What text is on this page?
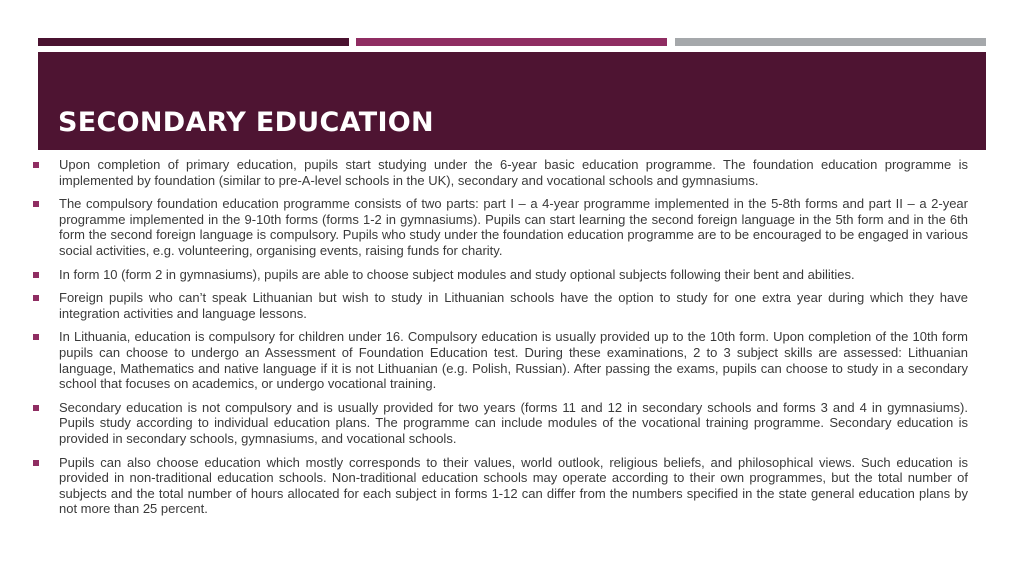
SECONDARY EDUCATION
Upon completion of primary education, pupils start studying under the 6-year basic education programme. The foundation education programme is implemented by foundation (similar to pre-A-level schools in the UK), secondary and vocational schools and gymnasiums.
The compulsory foundation education programme consists of two parts: part I – a 4-year programme implemented in the 5-8th forms and part II – a 2-year programme implemented in the 9-10th forms (forms 1-2 in gymnasiums). Pupils can start learning the second foreign language in the 5th form and in the 6th form the second foreign language is compulsory. Pupils who study under the foundation education programme are to be encouraged to be engaged in various social activities, e.g. volunteering, organising events, raising funds for charity.
In form 10 (form 2 in gymnasiums), pupils are able to choose subject modules and study optional subjects following their bent and abilities.
Foreign pupils who can’t speak Lithuanian but wish to study in Lithuanian schools have the option to study for one extra year during which they have integration activities and language lessons.
In Lithuania, education is compulsory for children under 16. Compulsory education is usually provided up to the 10th form. Upon completion of the 10th form pupils can choose to undergo an Assessment of Foundation Education test. During these examinations, 2 to 3 subject skills are assessed: Lithuanian language, Mathematics and native language if it is not Lithuanian (e.g. Polish, Russian). After passing the exams, pupils can choose to study in a secondary school that focuses on academics, or undergo vocational training.
Secondary education is not compulsory and is usually provided for two years (forms 11 and 12 in secondary schools and forms 3 and 4 in gymnasiums). Pupils study according to individual education plans. The programme can include modules of the vocational training programme. Secondary education is provided in secondary schools, gymnasiums, and vocational schools.
Pupils can also choose education which mostly corresponds to their values, world outlook, religious beliefs, and philosophical views. Such education is provided in non-traditional education schools. Non-traditional education schools may operate according to their own programmes, but the total number of subjects and the total number of hours allocated for each subject in forms 1-12 can differ from the numbers specified in the state general education plans by not more than 25 percent.
